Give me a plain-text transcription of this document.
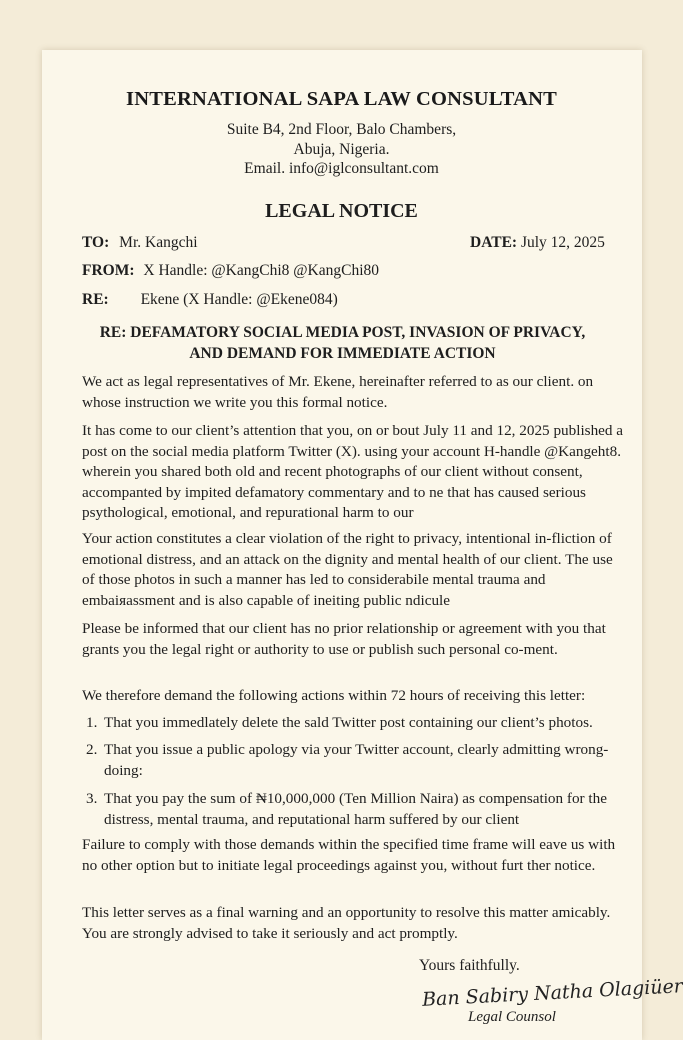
INTERNATIONAL SAPA LAW CONSULTANT
Suite B4, 2nd Floor, Balo Chambers,
Abuja, Nigeria.
Email. info@iglconsultant.com
LEGAL NOTICE
TO: Mr. Kangchi	DATE: July 12, 2025
FROM: X Handle: @KangChi8 @KangChi80
RE: Ekene (X Handle: @Ekene084)
RE: DEFAMATORY SOCIAL MEDIA POST, INVASION OF PRIVACY,
AND DEMAND FOR IMMEDIATE ACTION
We act as legal representatives of Mr. Ekene, hereinafter referred to as our client. on whose instruction we write you this formal notice.
It has come to our client’s attention that you, on or bout July 11 and 12, 2025 published a post on the social media platform Twitter (X). using your account H-handle @Kangeht8. wherein you shared both old and recent photographs of our client without consent, accompanted by impited defamatory commentary and to ne that has caused serious psythological, emotional, and repurational harm to our
Your action constitutes a clear violation of the right to privacy, intentional in-fliction of emotional distress, and an attack on the dignity and mental health of our client. The use of those photos in such a manner has led to considerabile mental trauma and embaiяassment and is also capable of ineiting public ndicule
Please be informed that our client has no prior relationship or agreement with you that grants you the legal right or authority to use or publish such personal co-ment.
We therefore demand the following actions within 72 hours of receiving this letter:
1. That you immedlately delete the sald Twitter post containing our client’s photos.
2. That you issue a public apology via your Twitter account, clearly admitting wrong-doing:
3. That you pay the sum of ₦10,000,000 (Ten Million Naira) as compensation for the distress, mental trauma, and reputational harm suffered by our client
Failure to comply with those demands within the specified time frame will eave us with no other option but to initiate legal proceedings against you, without furt ther notice.
This letter serves as a final warning and an opportunity to resolve this matter amicably. You are strongly advised to take it seriously and act promptly.
Yours faithfully.
Ban Sabiry Natha Olagiüer
Legal Counsol
